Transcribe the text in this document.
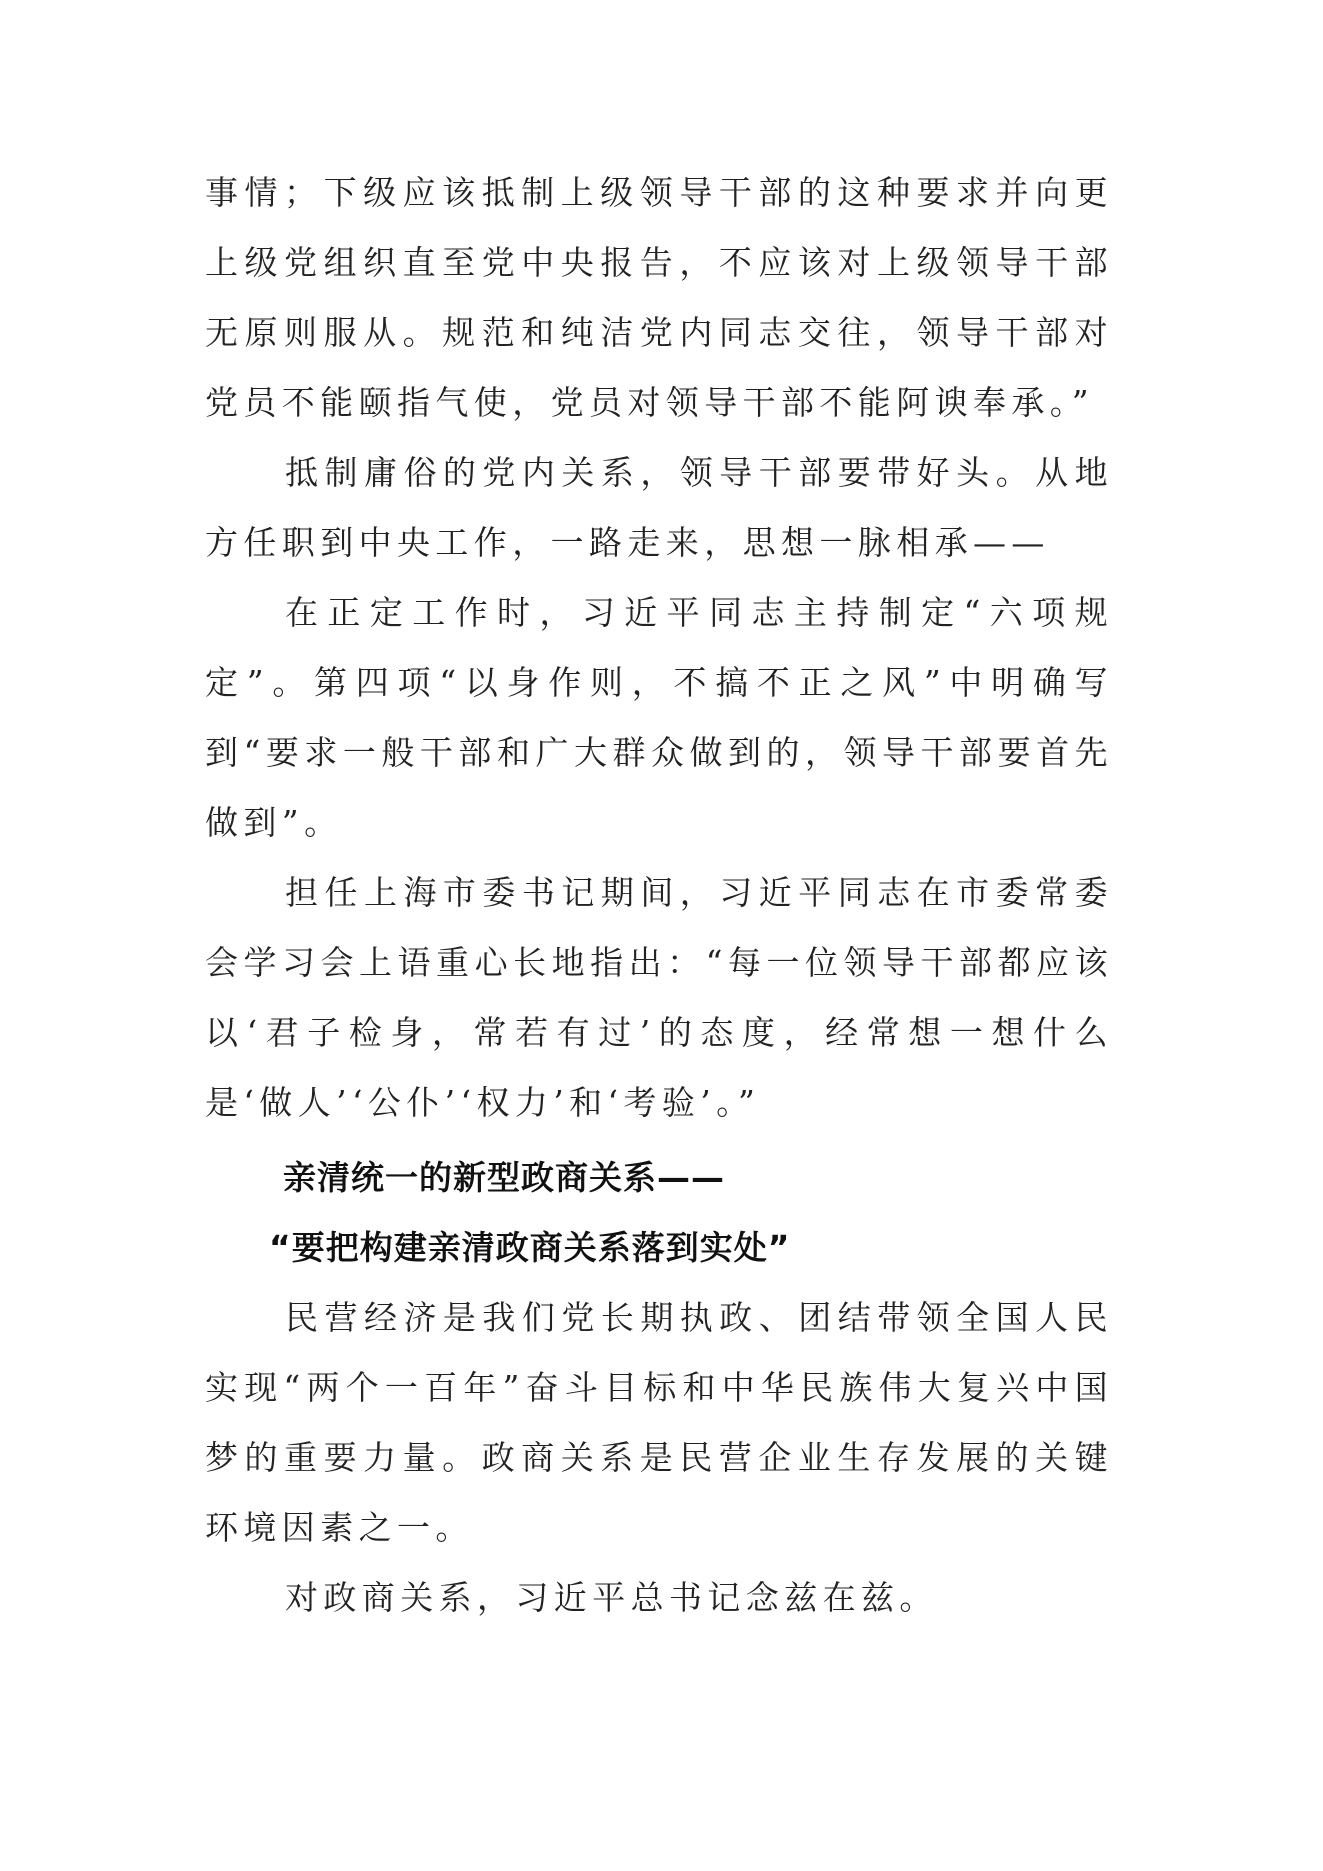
事情；下级应该抵制上级领导干部的这种要求并向更上级党组织直至党中央报告，不应该对上级领导干部无原则服从。规范和纯洁党内同志交往，领导干部对党员不能颐指气使，党员对领导干部不能阿谀奉承。”

抵制庸俗的党内关系，领导干部要带好头。从地方任职到中央工作，一路走来，思想一脉相承——

在正定工作时，习近平同志主持制定“六项规定”。第四项“以身作则，不搞不正之风”中明确写到“要求一般干部和广大群众做到的，领导干部要首先做到”。

担任上海市委书记期间，习近平同志在市委常委会学习会上语重心长地指出：“每一位领导干部都应该以‘君子检身，常若有过’的态度，经常想一想什么是‘做人’‘公仆’‘权力’和‘考验’。”

亲清统一的新型政商关系——
“要把构建亲清政商关系落到实处”

民营经济是我们党长期执政、团结带领全国人民实现“两个一百年”奋斗目标和中华民族伟大复兴中国梦的重要力量。政商关系是民营企业生存发展的关键环境因素之一。

对政商关系，习近平总书记念兹在兹。
